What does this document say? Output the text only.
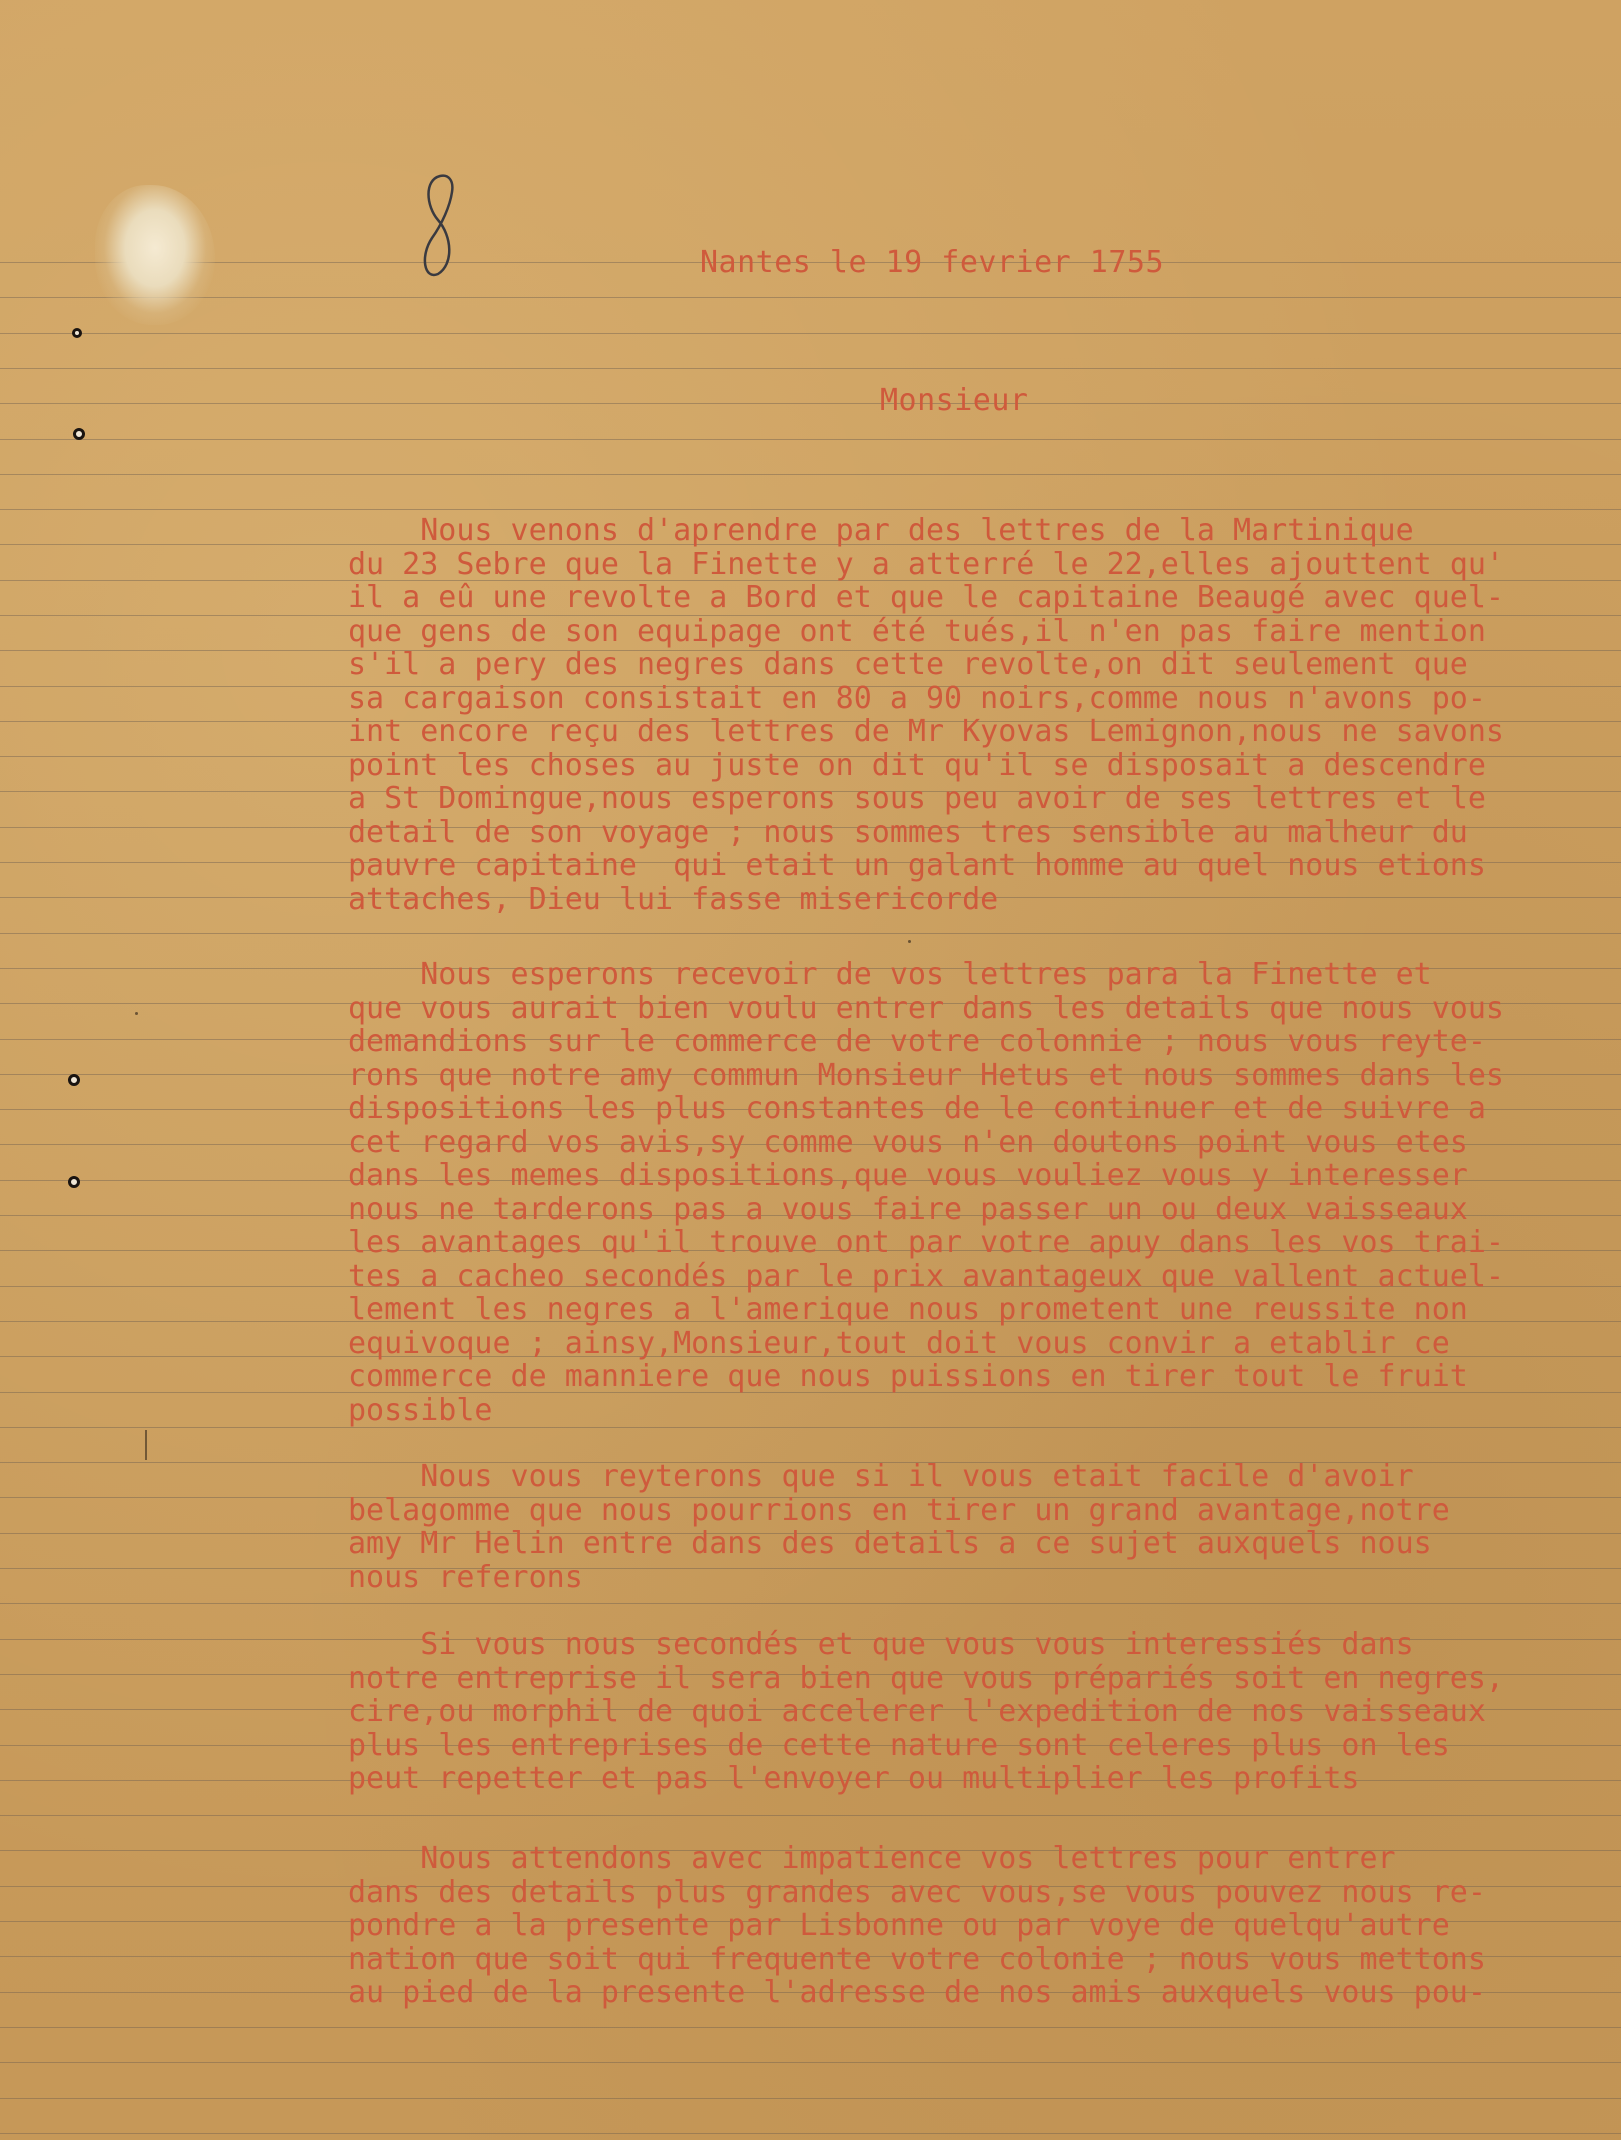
Nantes le 19 fevrier 1755

Monsieur

Nous venons d'aprendre par des lettres de la Martinique
du 23 Sebre que la Finette y a atterré le 22,elles ajouttent qu'
il a eû une revolte a Bord et que le capitaine Beaugé avec quel-
que gens de son equipage ont été tués,il n'en pas faire mention
s'il a pery des negres dans cette revolte,on dit seulement que
sa cargaison consistait en 80 a 90 noirs,comme nous n'avons po-
int encore reçu des lettres de Mr Kyovas Lemignon,nous ne savons
point les choses au juste on dit qu'il se disposait a descendre
a St Domingue,nous esperons sous peu avoir de ses lettres et le
detail de son voyage ; nous sommes tres sensible au malheur du
pauvre capitaine  qui etait un galant homme au quel nous etions
attaches, Dieu lui fasse misericorde
Nous esperons recevoir de vos lettres para la Finette et
que vous aurait bien voulu entrer dans les details que nous vous
demandions sur le commerce de votre colonnie ; nous vous reyte-
rons que notre amy commun Monsieur Hetus et nous sommes dans les
dispositions les plus constantes de le continuer et de suivre a
cet regard vos avis,sy comme vous n'en doutons point vous etes
dans les memes dispositions,que vous vouliez vous y interesser
nous ne tarderons pas a vous faire passer un ou deux vaisseaux
les avantages qu'il trouve ont par votre apuy dans les vos trai-
tes a cacheo secondés par le prix avantageux que vallent actuel-
lement les negres a l'amerique nous prometent une reussite non
equivoque ; ainsy,Monsieur,tout doit vous convir a etablir ce
commerce de manniere que nous puissions en tirer tout le fruit
possible
Nous vous reyterons que si il vous etait facile d'avoir
belagomme que nous pourrions en tirer un grand avantage,notre
amy Mr Helin entre dans des details a ce sujet auxquels nous
nous referons
Si vous nous secondés et que vous vous interessiés dans
notre entreprise il sera bien que vous prépariés soit en negres,
cire,ou morphil de quoi accelerer l'expedition de nos vaisseaux
plus les entreprises de cette nature sont celeres plus on les
peut repetter et pas l'envoyer ou multiplier les profits
Nous attendons avec impatience vos lettres pour entrer
dans des details plus grandes avec vous,se vous pouvez nous re-
pondre a la presente par Lisbonne ou par voye de quelqu'autre
nation que soit qui frequente votre colonie ; nous vous mettons
au pied de la presente l'adresse de nos amis auxquels vous pou-
